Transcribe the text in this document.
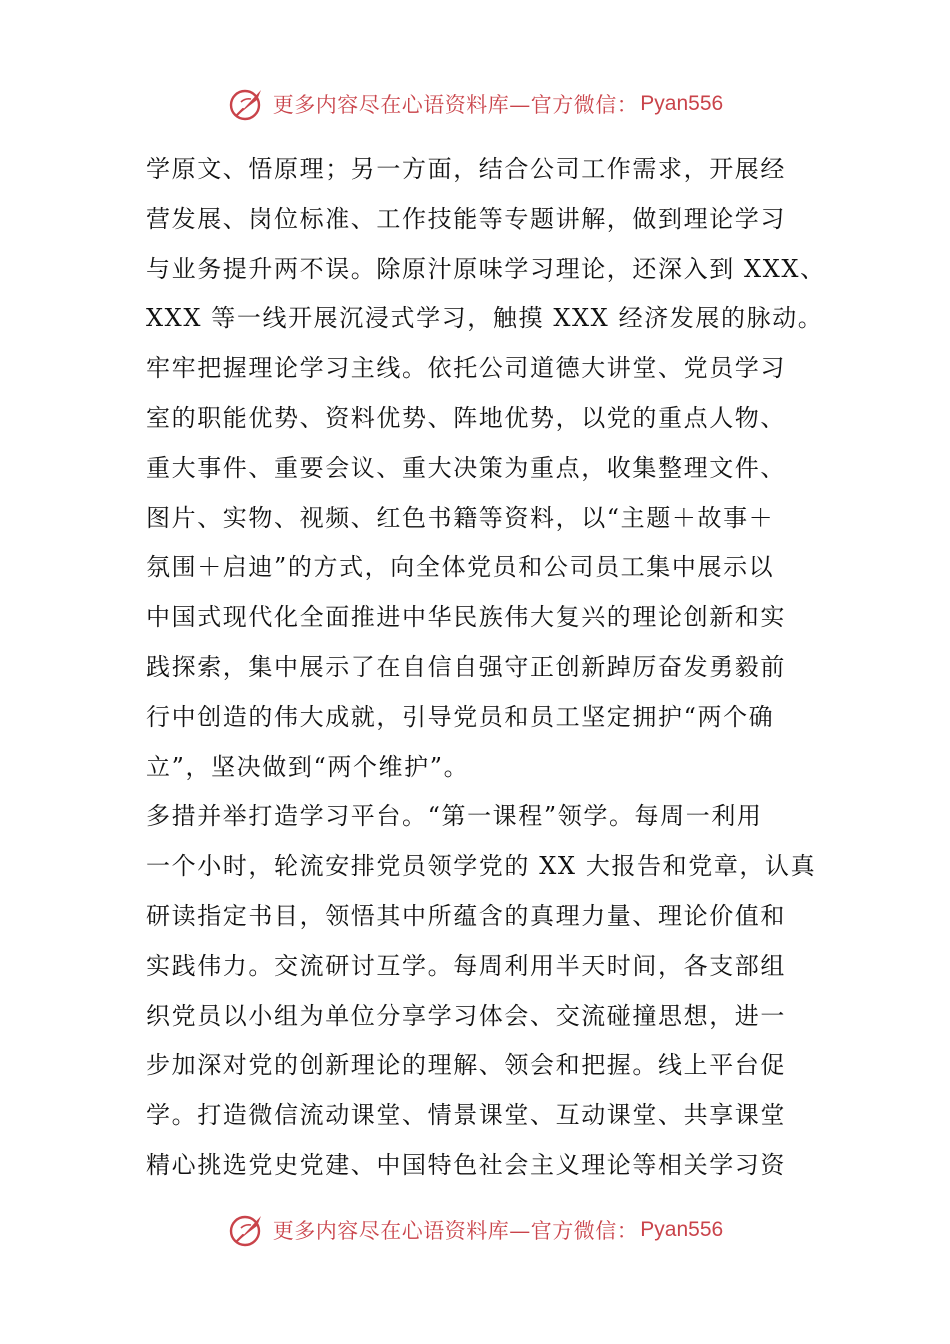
更多内容尽在心语资料库—官方微信： Pyan556
学原文、悟原理；另一方面，结合公司工作需求，开展经
营发展、岗位标准、工作技能等专题讲解，做到理论学习
与业务提升两不误。除原汁原味学习理论，还深入到 XXX、
XXX 等一线开展沉浸式学习，触摸 XXX 经济发展的脉动。
牢牢把握理论学习主线。依托公司道德大讲堂、党员学习
室的职能优势、资料优势、阵地优势，以党的重点人物、
重大事件、重要会议、重大决策为重点，收集整理文件、
图片、实物、视频、红色书籍等资料，以“主题＋故事＋
氛围＋启迪”的方式，向全体党员和公司员工集中展示以
中国式现代化全面推进中华民族伟大复兴的理论创新和实
践探索，集中展示了在自信自强守正创新踔厉奋发勇毅前
行中创造的伟大成就，引导党员和员工坚定拥护“两个确
立”，坚决做到“两个维护”。
多措并举打造学习平台。“第一课程”领学。每周一利用
一个小时，轮流安排党员领学党的 XX 大报告和党章，认真
研读指定书目，领悟其中所蕴含的真理力量、理论价值和
实践伟力。交流研讨互学。每周利用半天时间，各支部组
织党员以小组为单位分享学习体会、交流碰撞思想，进一
步加深对党的创新理论的理解、领会和把握。线上平台促
学。打造微信流动课堂、情景课堂、互动课堂、共享课堂
精心挑选党史党建、中国特色社会主义理论等相关学习资
更多内容尽在心语资料库—官方微信： Pyan556
